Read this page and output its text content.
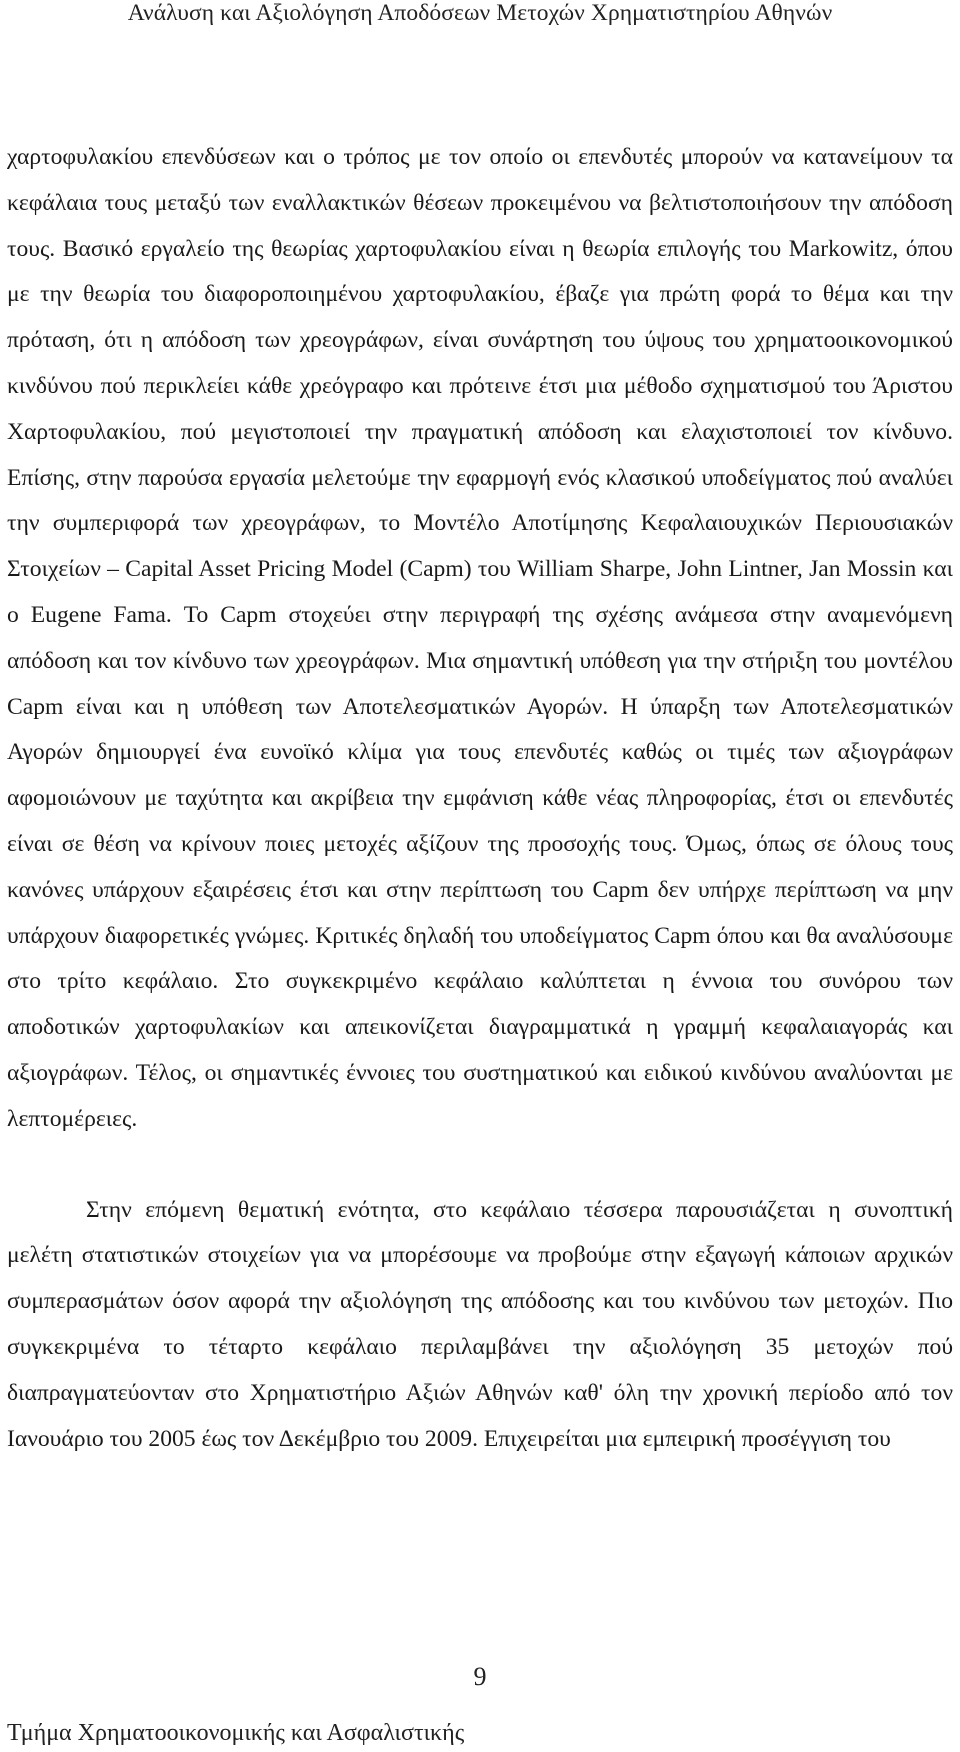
Ανάλυση και Αξιολόγηση Αποδόσεων Μετοχών Χρηματιστηρίου Αθηνών

χαρτοφυλακίου επενδύσεων και ο τρόπος με τον οποίο οι επενδυτές μπορούν να κατανείμουν τα κεφάλαια τους μεταξύ των εναλλακτικών θέσεων προκειμένου να βελτιστοποιήσουν την απόδοση τους. Βασικό εργαλείο της θεωρίας χαρτοφυλακίου είναι η θεωρία επιλογής του Markowitz, όπου με την θεωρία του διαφοροποιημένου χαρτοφυλακίου, έβαζε για πρώτη φορά το θέμα και την πρόταση, ότι η απόδοση των χρεογράφων, είναι συνάρτηση του ύψους του χρηματοοικονομικού κινδύνου πού περικλείει κάθε χρεόγραφο και πρότεινε έτσι μια μέθοδο σχηματισμού του Άριστου Χαρτοφυλακίου, πού μεγιστοποιεί την πραγματική απόδοση και ελαχιστοποιεί τον κίνδυνο. Επίσης, στην παρούσα εργασία μελετούμε την εφαρμογή ενός κλασικού υποδείγματος πού αναλύει την συμπεριφορά των χρεογράφων, το Μοντέλο Αποτίμησης Κεφαλαιουχικών Περιουσιακών Στοιχείων – Capital Asset Pricing Model (Capm) του William Sharpe, John Lintner, Jan Mossin και ο Eugene Fama. Το Capm στοχεύει στην περιγραφή της σχέσης ανάμεσα στην αναμενόμενη απόδοση και τον κίνδυνο των χρεογράφων. Μια σημαντική υπόθεση για την στήριξη του μοντέλου Capm είναι και η υπόθεση των Αποτελεσματικών Αγορών. Η ύπαρξη των Αποτελεσματικών Αγορών δημιουργεί ένα ευνοϊκό κλίμα για τους επενδυτές καθώς οι τιμές των αξιογράφων αφομοιώνουν με ταχύτητα και ακρίβεια την εμφάνιση κάθε νέας πληροφορίας, έτσι οι επενδυτές είναι σε θέση να κρίνουν ποιες μετοχές αξίζουν της προσοχής τους. Όμως, όπως σε όλους τους κανόνες υπάρχουν εξαιρέσεις έτσι και στην περίπτωση του Capm δεν υπήρχε περίπτωση να μην υπάρχουν διαφορετικές γνώμες. Κριτικές δηλαδή του υποδείγματος Capm όπου και θα αναλύσουμε στο τρίτο κεφάλαιο. Στο συγκεκριμένο κεφάλαιο καλύπτεται η έννοια του συνόρου των αποδοτικών χαρτοφυλακίων και απεικονίζεται διαγραμματικά η γραμμή κεφαλαιαγοράς και αξιογράφων. Τέλος, οι σημαντικές έννοιες του συστηματικού και ειδικού κινδύνου αναλύονται με λεπτομέρειες.

Στην επόμενη θεματική ενότητα, στο κεφάλαιο τέσσερα παρουσιάζεται η συνοπτική μελέτη στατιστικών στοιχείων για να μπορέσουμε να προβούμε στην εξαγωγή κάποιων αρχικών συμπερασμάτων όσον αφορά την αξιολόγηση της απόδοσης και του κινδύνου των μετοχών. Πιο συγκεκριμένα το τέταρτο κεφάλαιο περιλαμβάνει την αξιολόγηση 35 μετοχών πού διαπραγματεύονταν στο Χρηματιστήριο Αξιών Αθηνών καθ' όλη την χρονική περίοδο από τον Ιανουάριο του 2005 έως τον Δεκέμβριο του 2009. Επιχειρείται μια εμπειρική προσέγγιση του

9
Τμήμα Χρηματοοικονομικής και Ασφαλιστικής
